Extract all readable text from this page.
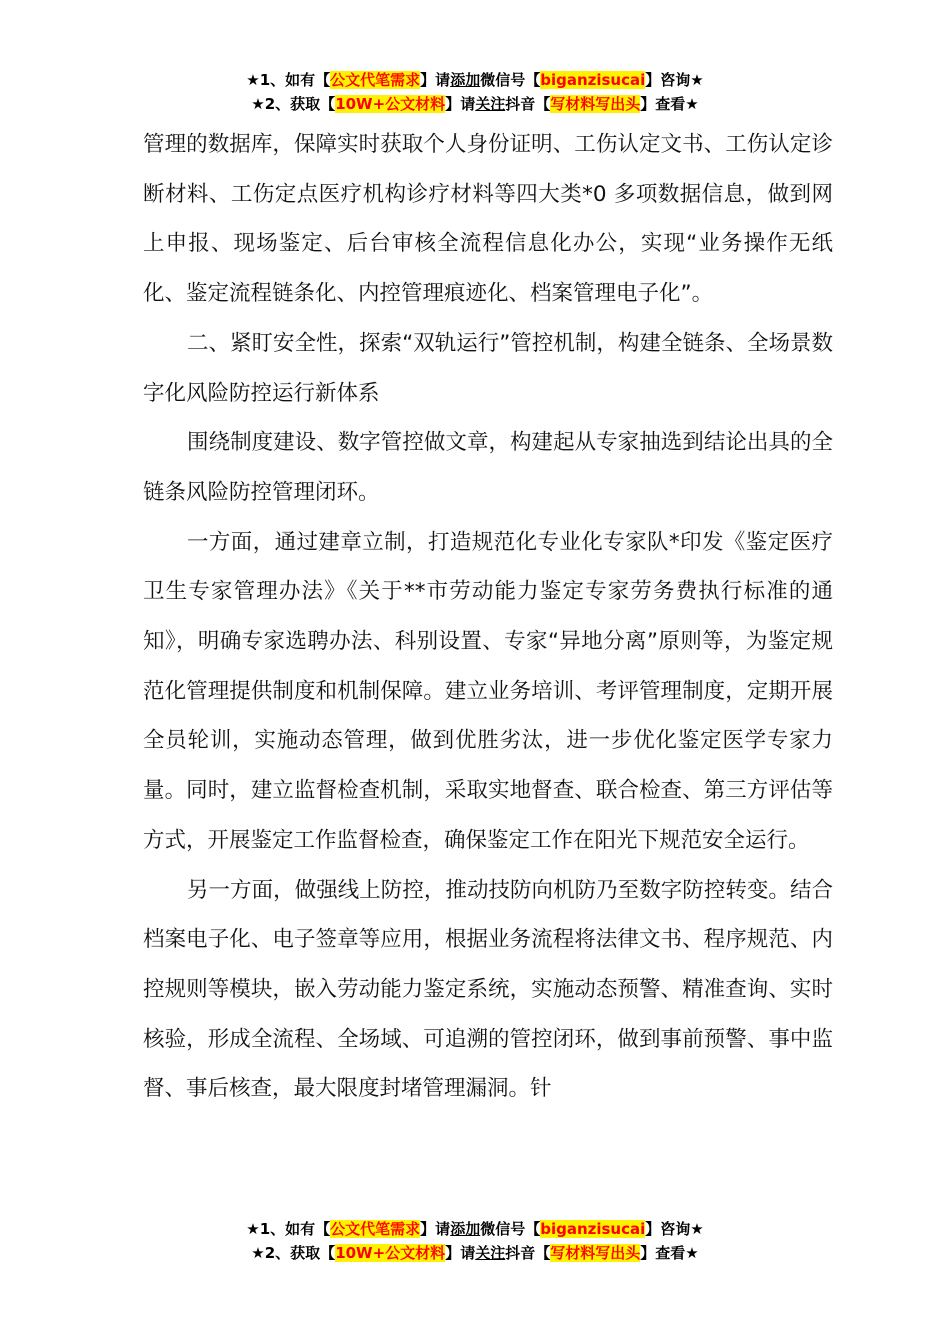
★1、如有【公文代笔需求】请添加微信号【biganzisucai】咨询★
★2、获取【10W+公文材料】请关注抖音【写材料写出头】查看★

管理的数据库，保障实时获取个人身份证明、工伤认定文书、工伤认定诊断材料、工伤定点医疗机构诊疗材料等四大类*0 多项数据信息，做到网上申报、现场鉴定、后台审核全流程信息化办公，实现“业务操作无纸化、鉴定流程链条化、内控管理痕迹化、档案管理电子化”。

二、紧盯安全性，探索“双轨运行”管控机制，构建全链条、全场景数字化风险防控运行新体系

围绕制度建设、数字管控做文章，构建起从专家抽选到结论出具的全链条风险防控管理闭环。

一方面，通过建章立制，打造规范化专业化专家队*印发《鉴定医疗卫生专家管理办法》《关于**市劳动能力鉴定专家劳务费执行标准的通知》，明确专家选聘办法、科别设置、专家“异地分离”原则等，为鉴定规范化管理提供制度和机制保障。建立业务培训、考评管理制度，定期开展全员轮训，实施动态管理，做到优胜劣汰，进一步优化鉴定医学专家力量。同时，建立监督检查机制，采取实地督查、联合检查、第三方评估等方式，开展鉴定工作监督检查，确保鉴定工作在阳光下规范安全运行。

另一方面，做强线上防控，推动技防向机防乃至数字防控转变。结合档案电子化、电子签章等应用，根据业务流程将法律文书、程序规范、内控规则等模块，嵌入劳动能力鉴定系统，实施动态预警、精准查询、实时核验，形成全流程、全场域、可追溯的管控闭环，做到事前预警、事中监督、事后核查，最大限度封堵管理漏洞。针

★1、如有【公文代笔需求】请添加微信号【biganzisucai】咨询★
★2、获取【10W+公文材料】请关注抖音【写材料写出头】查看★
